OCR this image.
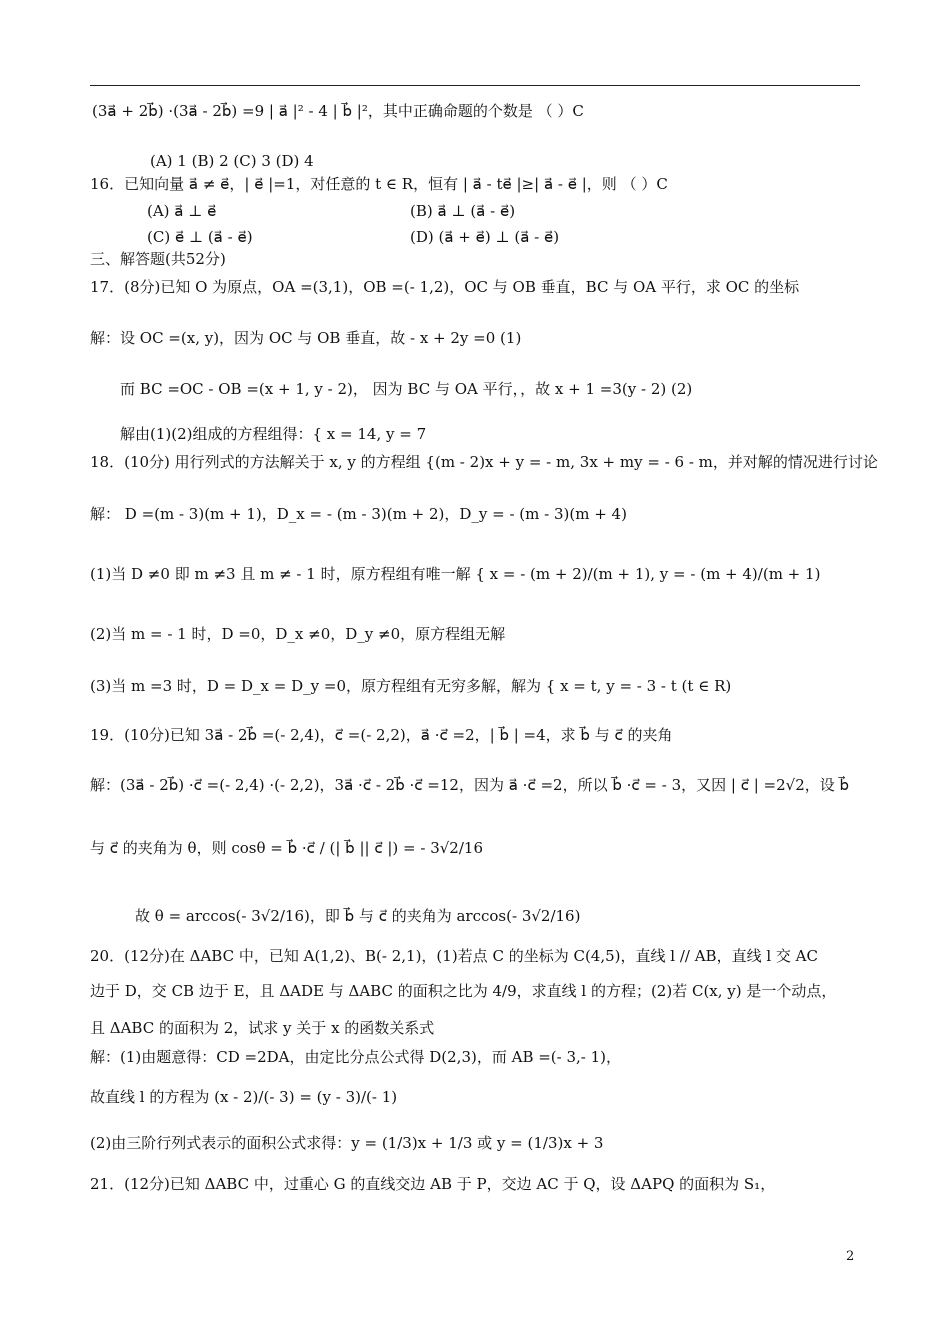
(3a⃗ + 2b⃗) ·(3a⃗ - 2b⃗) =9 | a⃗ |² - 4 | b⃗ |²，其中正确命题的个数是 （ ）C
(A) 1 (B) 2 (C) 3 (D) 4
16．已知向量 a⃗ ≠ e⃗，| e⃗ |=1，对任意的 t ∈ R，恒有 | a⃗ - te⃗ |≥| a⃗ - e⃗ |，则 （ ）C
(A) a⃗ ⊥ e⃗	(B) a⃗ ⊥ (a⃗ - e⃗)
(C) e⃗ ⊥ (a⃗ - e⃗)	(D) (a⃗ + e⃗) ⊥ (a⃗ - e⃗)
三、解答题(共52分)
17．(8分)已知 O 为原点，OA =(3,1)，OB =(- 1,2)，OC 与 OB 垂直，BC 与 OA 平行，求 OC 的坐标
解：设 OC =(x, y)，因为 OC 与 OB 垂直，故 - x + 2y =0 (1)
而 BC =OC - OB =(x + 1, y - 2)， 因为 BC 与 OA 平行，，故 x + 1 =3(y - 2) (2)
解由(1)(2)组成的方程组得：{ x = 14, y = 7
18．(10分) 用行列式的方法解关于 x, y 的方程组 {(m - 2)x + y = - m, 3x + my = - 6 - m，并对解的情况进行讨论
解： D =(m - 3)(m + 1)，D_x = - (m - 3)(m + 2)，D_y = - (m - 3)(m + 4)
(1)当 D ≠0 即 m ≠3 且 m ≠ - 1 时，原方程组有唯一解 { x = - (m + 2)/(m + 1), y = - (m + 4)/(m + 1)
(2)当 m = - 1 时，D =0，D_x ≠0，D_y ≠0，原方程组无解
(3)当 m =3 时，D = D_x = D_y =0，原方程组有无穷多解，解为 { x = t, y = - 3 - t (t ∈ R)
19．(10分)已知 3a⃗ - 2b⃗ =(- 2,4)，c⃗ =(- 2,2)，a⃗ ·c⃗ =2，| b⃗ | =4，求 b⃗ 与 c⃗ 的夹角
解：(3a⃗ - 2b⃗) ·c⃗ =(- 2,4) ·(- 2,2)，3a⃗ ·c⃗ - 2b⃗ ·c⃗ =12，因为 a⃗ ·c⃗ =2，所以 b⃗ ·c⃗ = - 3，又因 | c⃗ | =2√2，设 b⃗
与 c⃗ 的夹角为 θ，则 cosθ = b⃗ ·c⃗ / (| b⃗ || c⃗ |) = - 3√2/16
故 θ = arccos(- 3√2/16)，即 b⃗ 与 c⃗ 的夹角为 arccos(- 3√2/16)
20．(12分)在 ΔABC 中，已知 A(1,2)、B(- 2,1)，(1)若点 C 的坐标为 C(4,5)，直线 l // AB，直线 l 交 AC
边于 D，交 CB 边于 E，且 ΔADE 与 ΔABC 的面积之比为 4/9，求直线 l 的方程；(2)若 C(x, y) 是一个动点，
且 ΔABC 的面积为 2，试求 y 关于 x 的函数关系式
解：(1)由题意得：CD =2DA，由定比分点公式得 D(2,3)，而 AB =(- 3,- 1)，
故直线 l 的方程为 (x - 2)/(- 3) = (y - 3)/(- 1)
(2)由三阶行列式表示的面积公式求得：y = (1/3)x + 1/3 或 y = (1/3)x + 3
21．(12分)已知 ΔABC 中，过重心 G 的直线交边 AB 于 P，交边 AC 于 Q，设 ΔAPQ 的面积为 S₁，
2
